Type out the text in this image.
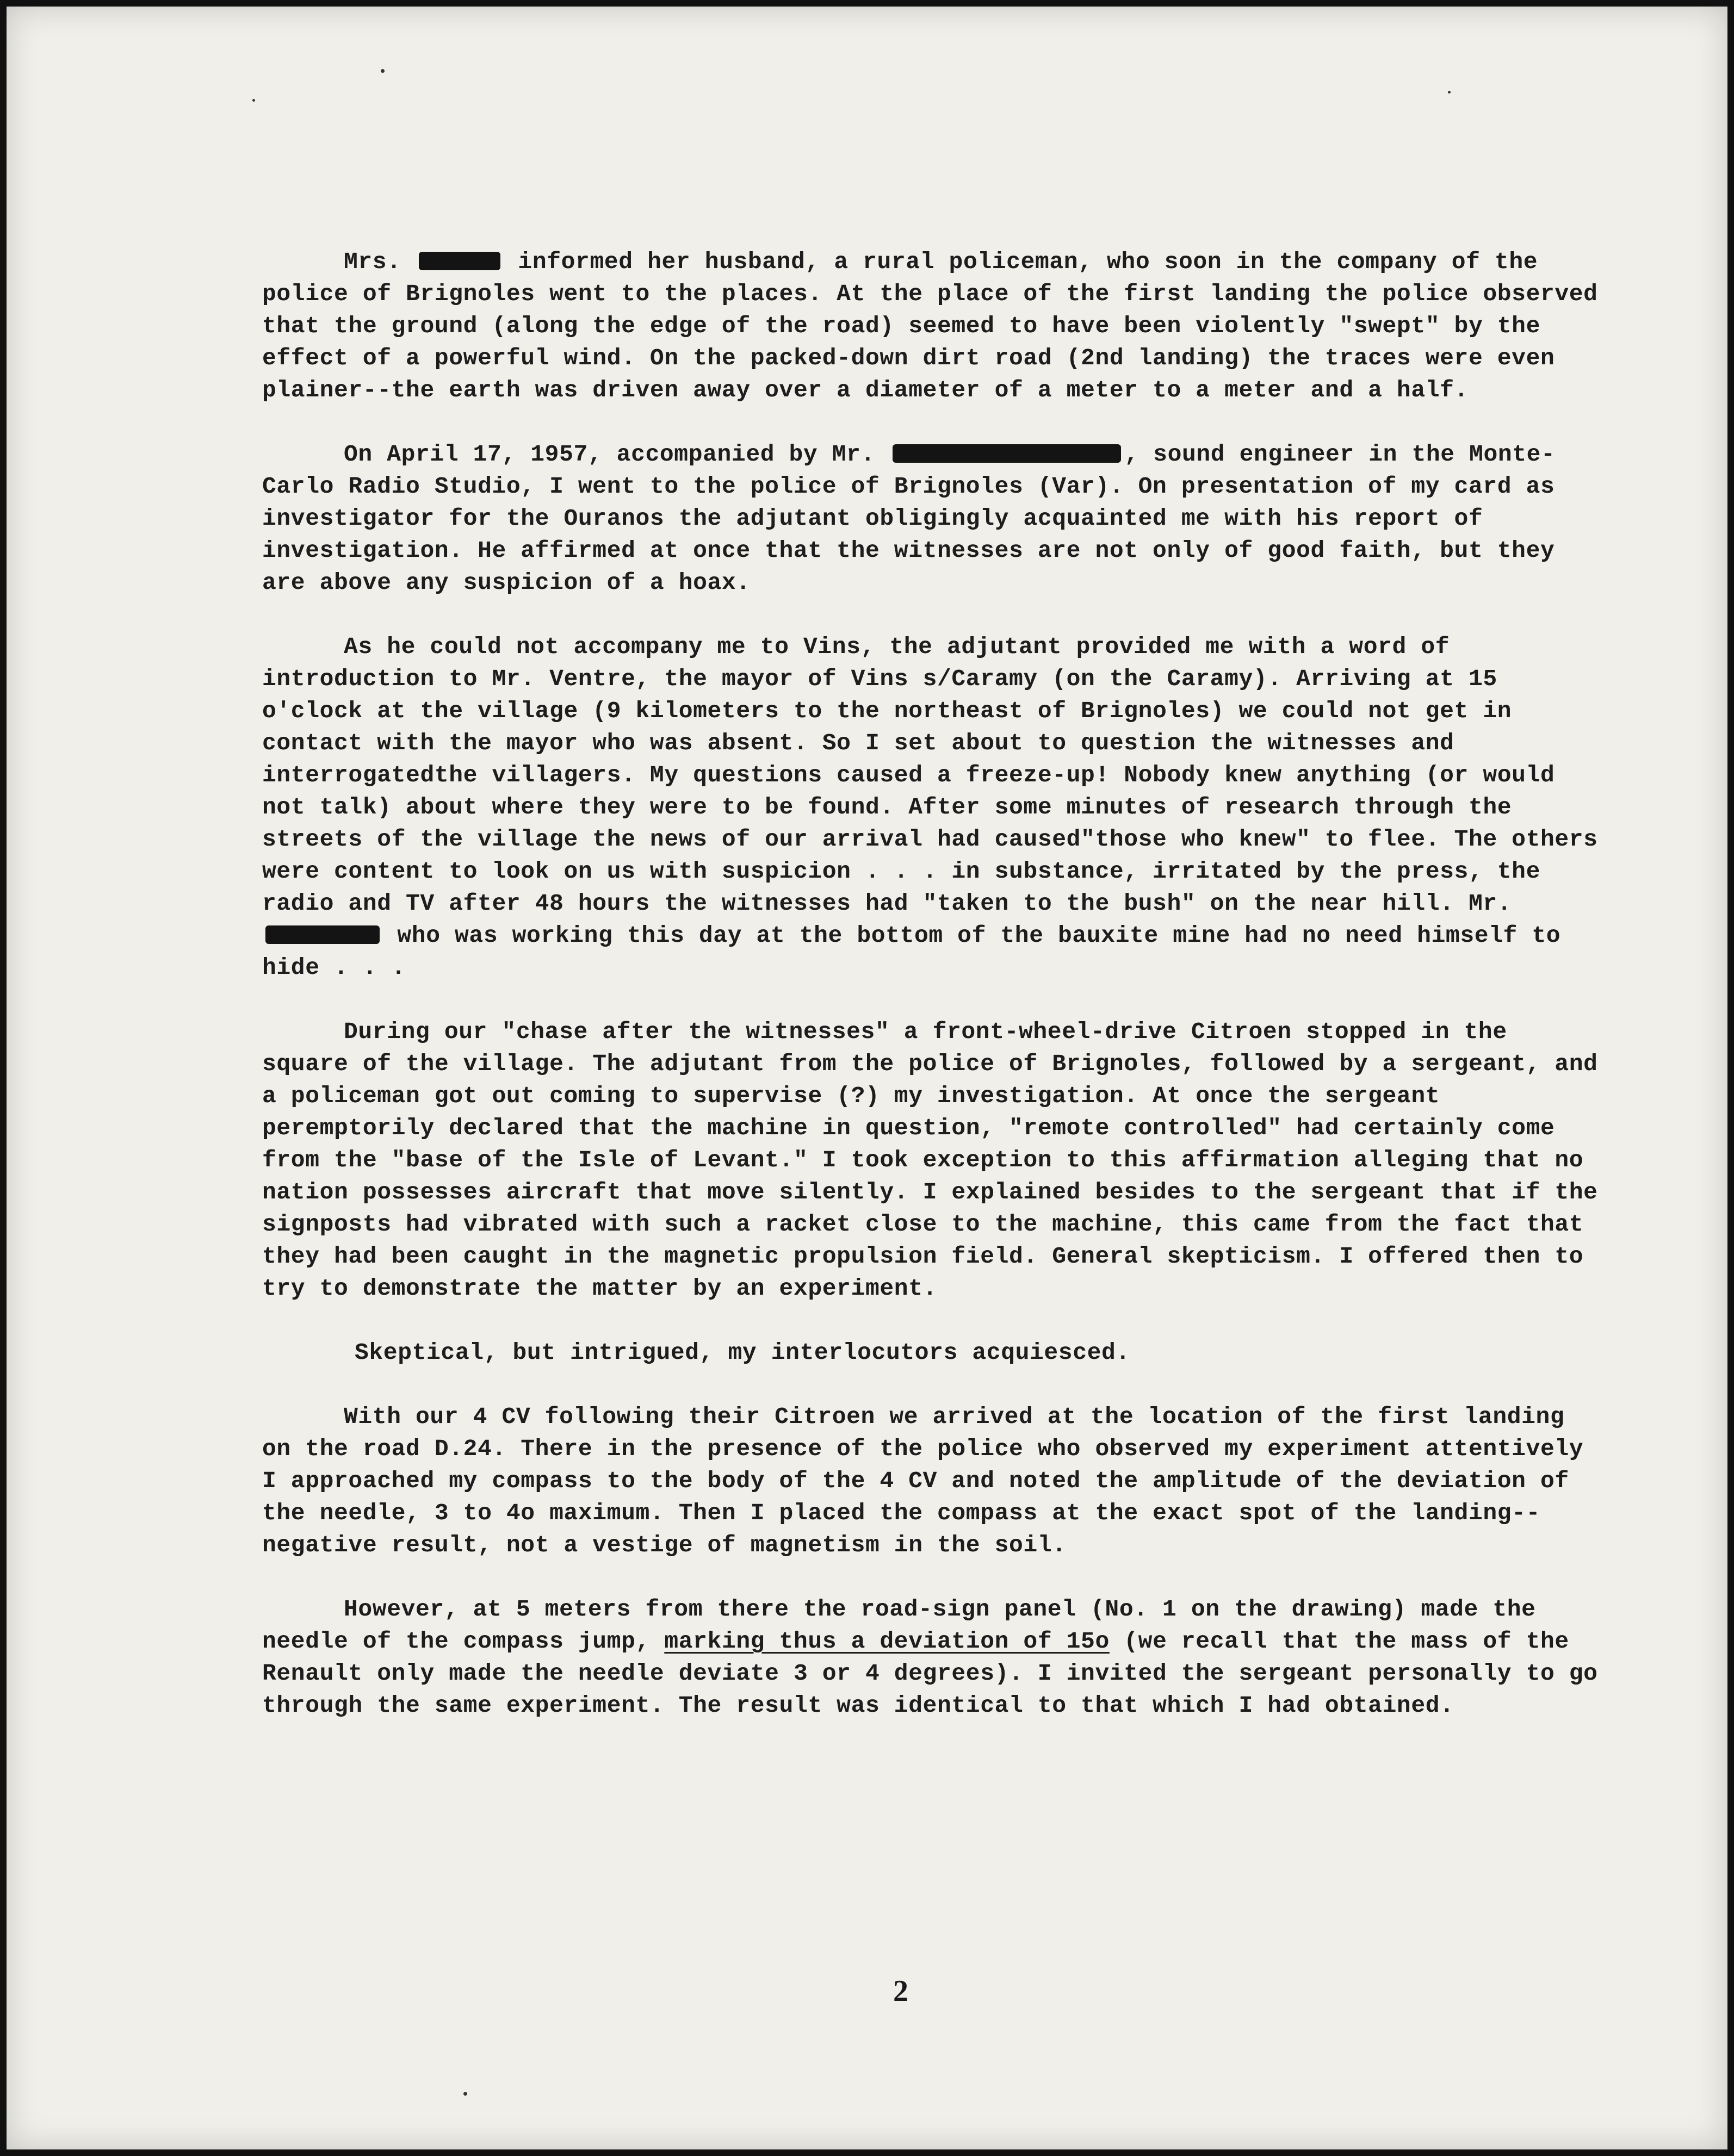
Mrs.	informed her husband, a rural policeman, who soon in the company of the police of Brignoles went to the places. At the place of the first landing the police observed that the ground (along the edge of the road) seemed to have been violently "swept" by the effect of a powerful wind. On the packed-down dirt road (2nd landing) the traces were even plainer--the earth was driven away over a diameter of a meter to a meter and a half.

On April 17, 1957, accompanied by Mr.	, sound engineer in the Monte-Carlo Radio Studio, I went to the police of Brignoles (Var). On presentation of my card as investigator for the Ouranos the adjutant obligingly acquainted me with his report of investigation. He affirmed at once that the witnesses are not only of good faith, but they are above any suspicion of a hoax.

As he could not accompany me to Vins, the adjutant provided me with a word of introduction to Mr. Ventre, the mayor of Vins s/Caramy (on the Caramy). Arriving at 15 o'clock at the village (9 kilometers to the northeast of Brignoles) we could not get in contact with the mayor who was absent. So I set about to question the witnesses and interrogatedthe villagers. My questions caused a freeze-up! Nobody knew anything (or would not talk) about where they were to be found. After some minutes of research through the streets of the village the news of our arrival had caused"those who knew" to flee. The others were content to look on us with suspicion . . . in substance, irritated by the press, the radio and TV after 48 hours the witnesses had "taken to the bush" on the near hill. Mr.  who was working this day at the bottom of the bauxite mine had no need himself to hide . . .

During our "chase after the witnesses" a front-wheel-drive Citroen stopped in the square of the village. The adjutant from the police of Brignoles, followed by a sergeant, and a policeman got out coming to supervise (?) my investigation. At once the sergeant peremptorily declared that the machine in question, "remote controlled" had certainly come from the "base of the Isle of Levant." I took exception to this affirmation alleging that no nation possesses aircraft that move silently. I explained besides to the sergeant that if the signposts had vibrated with such a racket close to the machine, this came from the fact that they had been caught in the magnetic propulsion field. General skepticism. I offered then to try to demonstrate the matter by an experiment.

Skeptical, but intrigued, my interlocutors acquiesced.

With our 4 CV following their Citroen we arrived at the location of the first landing on the road D.24. There in the presence of the police who observed my experiment attentively I approached my compass to the body of the 4 CV and noted the amplitude of the deviation of the needle, 3 to 4o maximum. Then I placed the compass at the exact spot of the landing--negative result, not a vestige of magnetism in the soil.

However, at 5 meters from there the road-sign panel (No. 1 on the drawing) made the needle of the compass jump, marking thus a deviation of 15o (we recall that the mass of the Renault only made the needle deviate 3 or 4 degrees). I invited the sergeant personally to go through the same experiment. The result was identical to that which I had obtained.

2
